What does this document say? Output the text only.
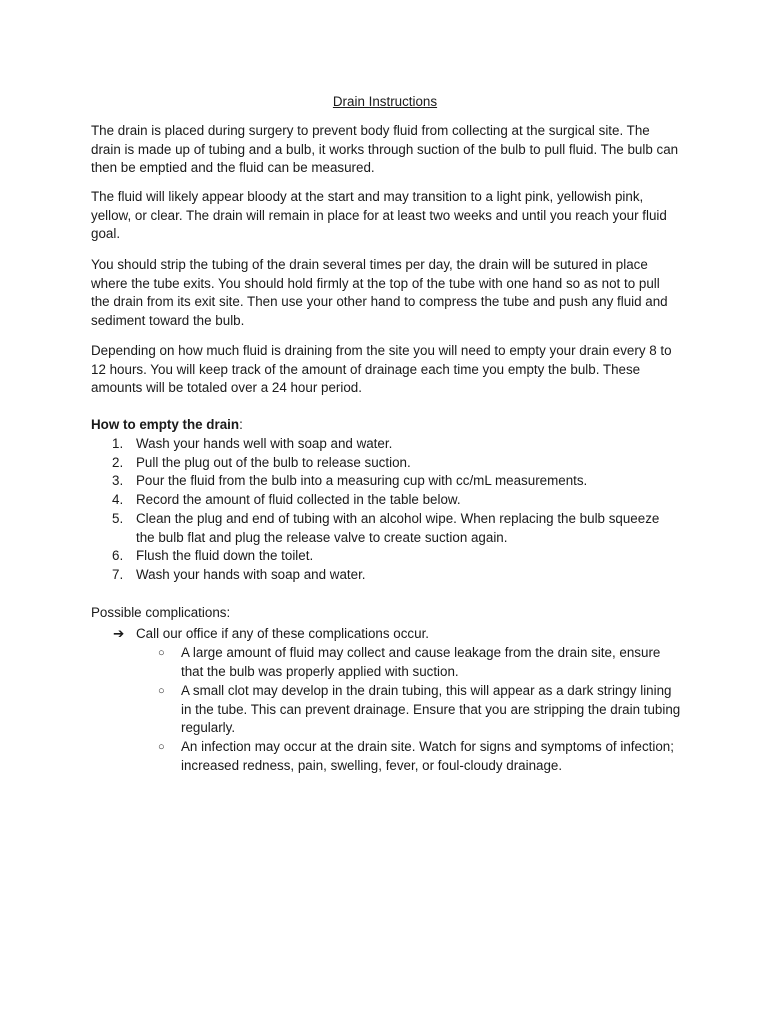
Drain Instructions

The drain is placed during surgery to prevent body fluid from collecting at the surgical site. The drain is made up of tubing and a bulb, it works through suction of the bulb to pull fluid. The bulb can then be emptied and the fluid can be measured.

The fluid will likely appear bloody at the start and may transition to a light pink, yellowish pink, yellow, or clear. The drain will remain in place for at least two weeks and until you reach your fluid goal.

You should strip the tubing of the drain several times per day, the drain will be sutured in place where the tube exits. You should hold firmly at the top of the tube with one hand so as not to pull the drain from its exit site. Then use your other hand to compress the tube and push any fluid and sediment toward the bulb.

Depending on how much fluid is draining from the site you will need to empty your drain every 8 to 12 hours. You will keep track of the amount of drainage each time you empty the bulb. These amounts will be totaled over a 24 hour period.

How to empty the drain:
1. Wash your hands well with soap and water.
2. Pull the plug out of the bulb to release suction.
3. Pour the fluid from the bulb into a measuring cup with cc/mL measurements.
4. Record the amount of fluid collected in the table below.
5. Clean the plug and end of tubing with an alcohol wipe. When replacing the bulb squeeze the bulb flat and plug the release valve to create suction again.
6. Flush the fluid down the toilet.
7. Wash your hands with soap and water.
Possible complications:
➔ Call our office if any of these complications occur.

○ A large amount of fluid may collect and cause leakage from the drain site, ensure that the bulb was properly applied with suction.

○ A small clot may develop in the drain tubing, this will appear as a dark stringy lining in the tube. This can prevent drainage. Ensure that you are stripping the drain tubing regularly.

○ An infection may occur at the drain site. Watch for signs and symptoms of infection; increased redness, pain, swelling, fever, or foul-cloudy drainage.
